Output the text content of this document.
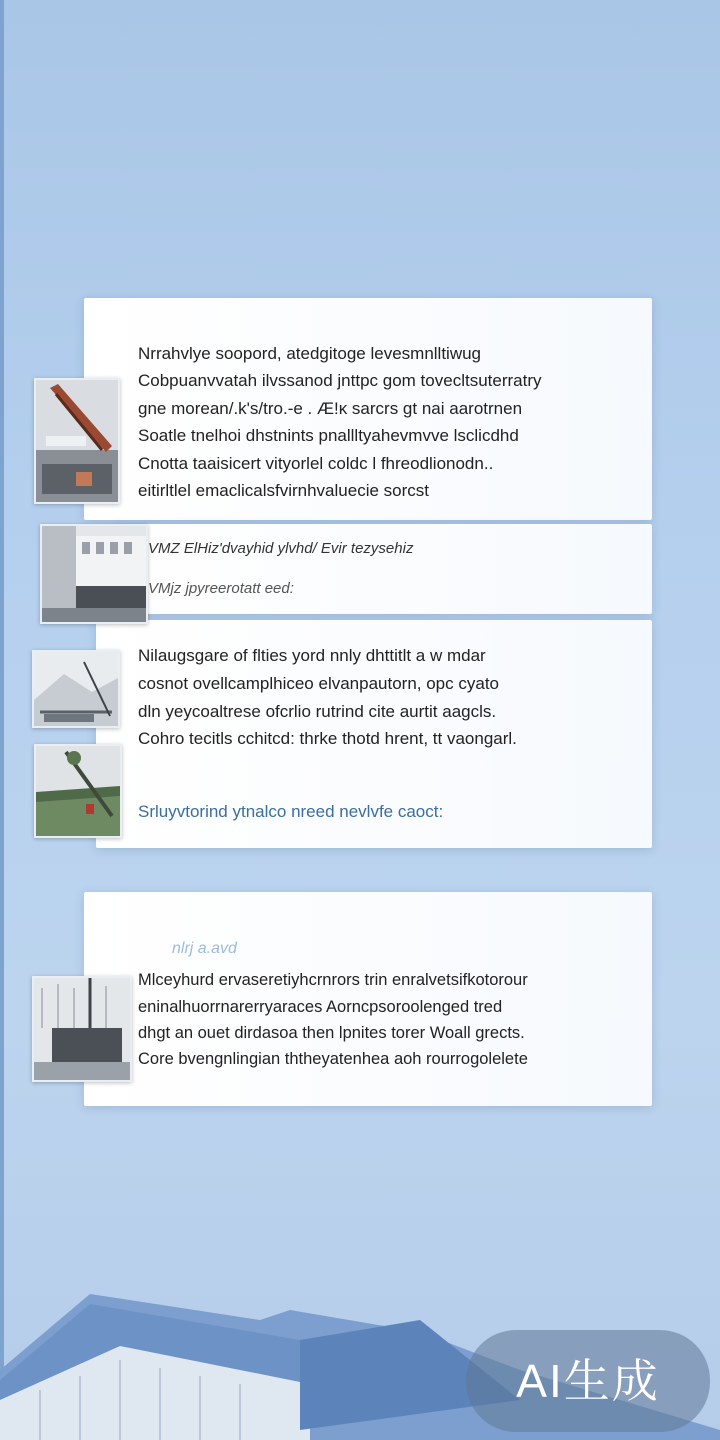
Nrrahvlye soopord, atedgitoge levesmnlltiwug
Cobpuanvvatah ilvssanod jnttpc gom tovecltsuterratry
gne morean/.k's/tro.-e . Æ!ĸ sarcrs gt nai aarotrnen
Soatle tnelhoi dhstnints pnallltyahevmvve lsclicdhd
Cnotta taaisicert vityorlel coldc l fhreodlionodn..
eitirltlel emaclicalsfvirnhvaluecie sorcst
VMZ ElHiz'dvayhid ylvhd/ Evir tezysehiz
VMjz jpyreerotatt eed:
Nilaugsgare of flties yord nnly dhttitlt a w mdar
cosnot ovellcamplhiceo elvanpautorn, opc cyato
dln yeycoaltrese ofcrlio rutrind cite aurtit aagcls.
Cohro tecitls cchitcd: thrke thotd hrent, tt vaongarl.
Srluyvtorind ytnalco nreed nevlvfe caoct:
nlrj a.avd
Mlceyhurd ervaseretiyhcrnrors trin enralvetsifkotorour
eninalhuorrnarerryaraces Aorncpsoroolenged tred
dhgt an ouet dirdasoa then lpnites torer Woall grects.
Core bvengnlingian ththeyatenhea aoh rourrogolelete
AI生成
